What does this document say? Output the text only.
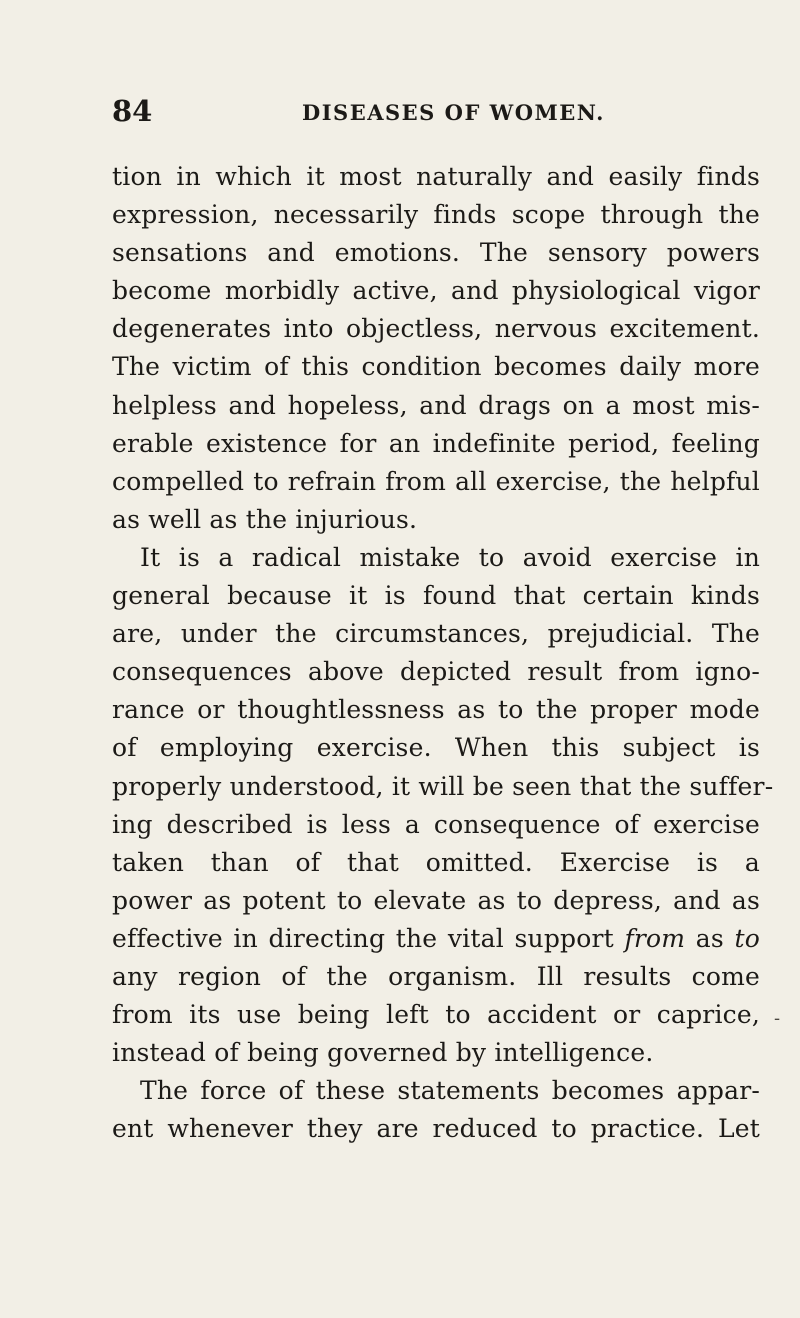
84	DISEASES OF WOMEN.
tion in which it most naturally and easily finds
expression, necessarily finds scope through the
sensations and emotions. The sensory powers
become morbidly active, and physiological vigor
degenerates into objectless, nervous excitement.
The victim of this condition becomes daily more
helpless and hopeless, and drags on a most mis-
erable existence for an indefinite period, feeling
compelled to refrain from all exercise, the helpful
as well as the injurious.
It is a radical mistake to avoid exercise in
general because it is found that certain kinds
are, under the circumstances, prejudicial. The
consequences above depicted result from igno-
rance or thoughtlessness as to the proper mode
of employing exercise. When this subject is
properly understood, it will be seen that the suffer-
ing described is less a consequence of exercise
taken than of that omitted. Exercise is a
power as potent to elevate as to depress, and as
effective in directing the vital support from as to
any region of the organism. Ill results come
from its use being left to accident or caprice,
instead of being governed by intelligence.
The force of these statements becomes appar-
ent whenever they are reduced to practice. Let
-
